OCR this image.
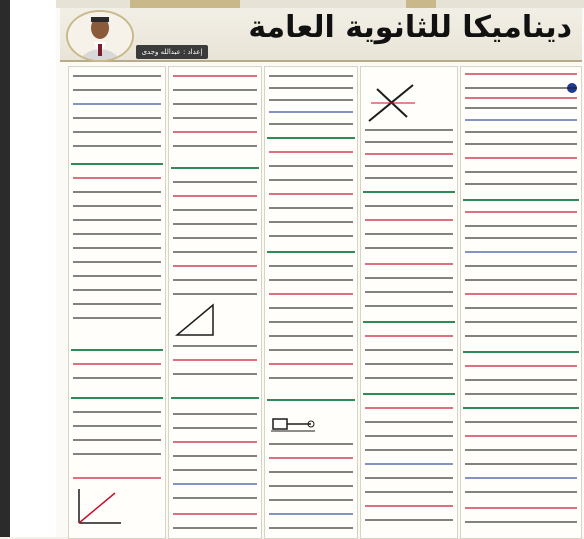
إعداد : عبدالله وجدى
ديناميكا للثانوية العامة
